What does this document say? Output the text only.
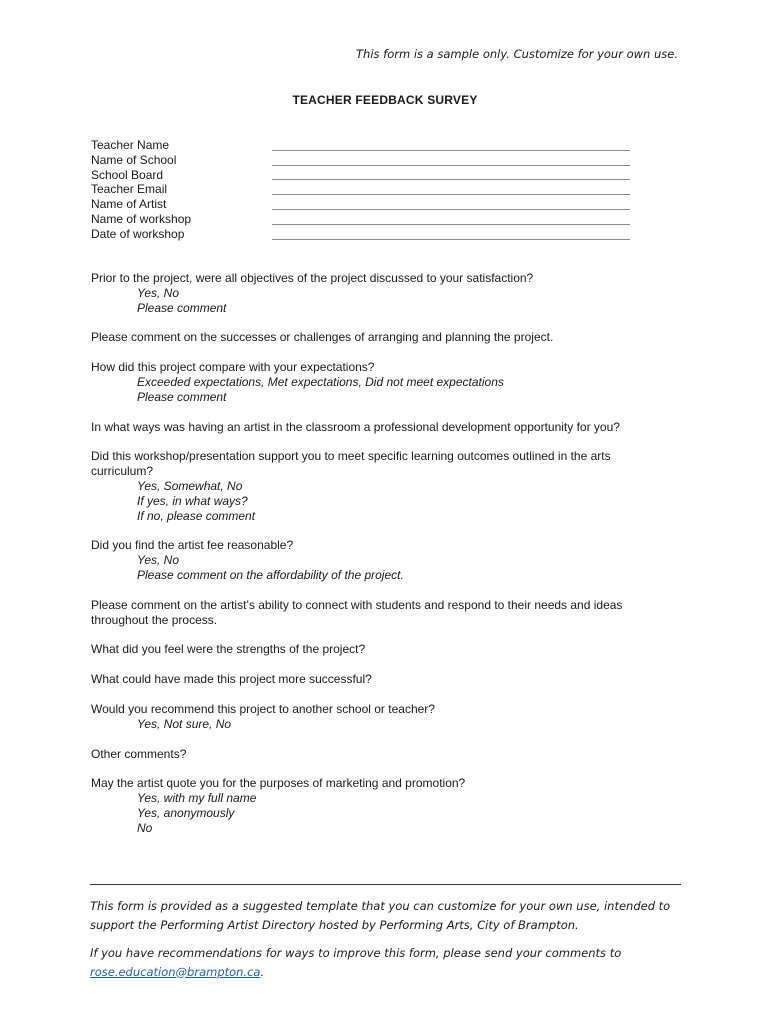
This form is a sample only. Customize for your own use.
TEACHER FEEDBACK SURVEY
Teacher Name
Name of School
School Board
Teacher Email
Name of Artist
Name of workshop
Date of workshop
Prior to the project, were all objectives of the project discussed to your satisfaction?
Yes, No
Please comment
Please comment on the successes or challenges of arranging and planning the project.
How did this project compare with your expectations?
Exceeded expectations, Met expectations, Did not meet expectations
Please comment
In what ways was having an artist in the classroom a professional development opportunity for you?
Did this workshop/presentation support you to meet specific learning outcomes outlined in the arts curriculum?
Yes, Somewhat, No
If yes, in what ways?
If no, please comment
Did you find the artist fee reasonable?
Yes, No
Please comment on the affordability of the project.
Please comment on the artist’s ability to connect with students and respond to their needs and ideas throughout the process.
What did you feel were the strengths of the project?
What could have made this project more successful?
Would you recommend this project to another school or teacher?
Yes, Not sure, No
Other comments?
May the artist quote you for the purposes of marketing and promotion?
Yes, with my full name
Yes, anonymously
No

This form is provided as a suggested template that you can customize for your own use, intended to support the Performing Artist Directory hosted by Performing Arts, City of Brampton.

If you have recommendations for ways to improve this form, please send your comments to
rose.education@brampton.ca.
